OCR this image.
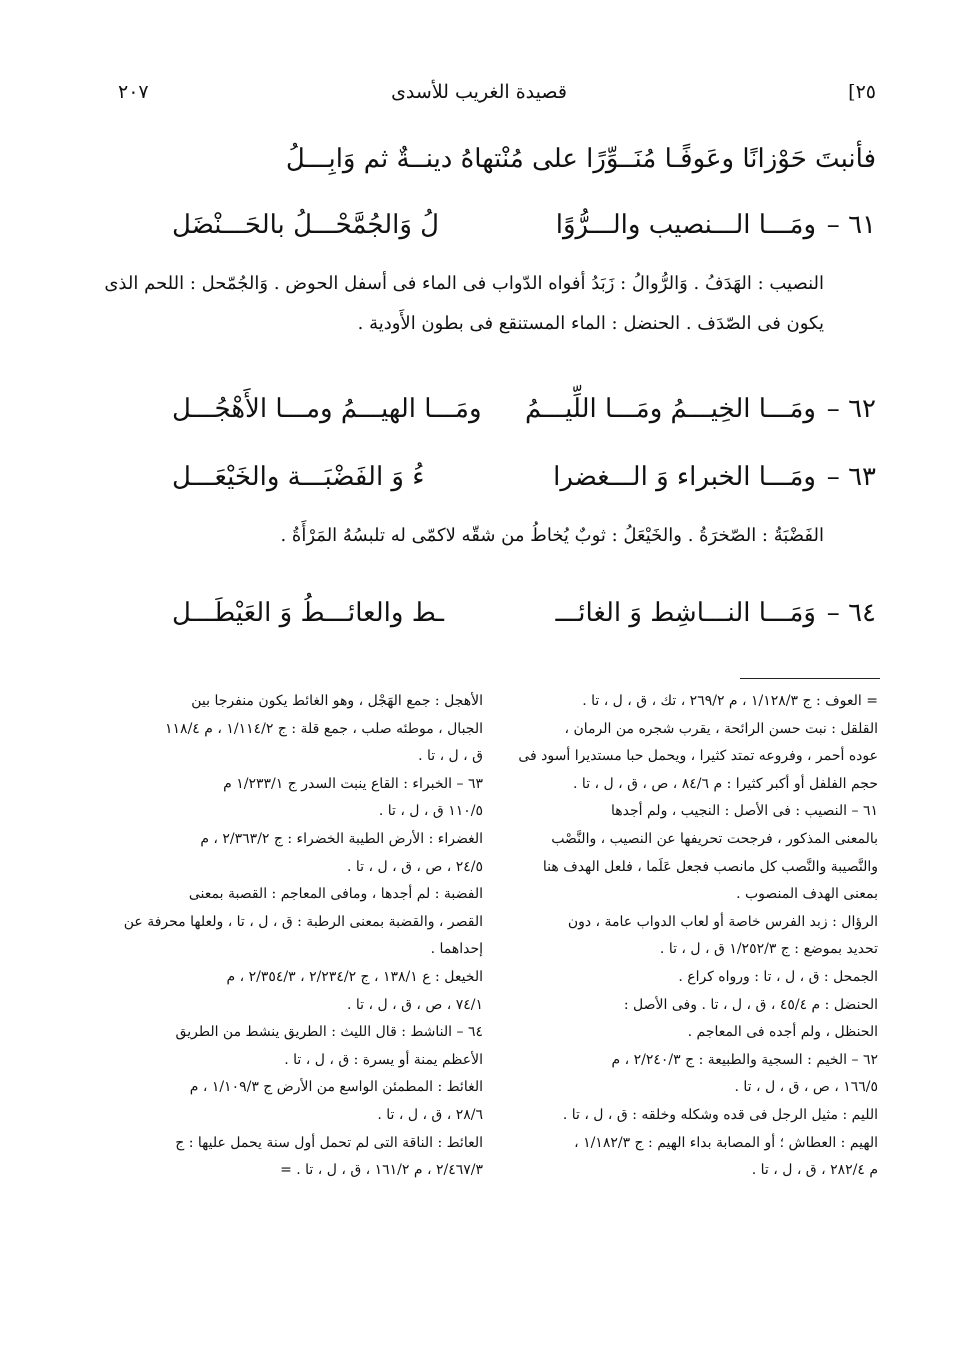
٢٠٧	قصيدة الغريب للأسدى	[٢٥
فأنبتَ حَوْزانًا وعَوفًـا مُنَــوِّرًا على مُنْتهاهُ دينــةٌ ثم وَابِـــلُ
٦١ –
ومَـــا الـــنصيب والـــرُّوًا
لُ وَالجُمَّحْـــلُ بالحَـــنْضَل
النصيب : الهَدَفُ . وَالرُّوالُ : زَبَدُ أفواه الدّواب فى الماء فى أسفل الحوض . وَالجُمّحل : اللحم الذى
يكون فى الصّدَف . الحنضل : الماء المستنقع فى بطون الأَودية .
٦٢ –
ومَـــا الخِيـــمُ ومَـــا اللِّيـــمُ
ومَـــا الهيـــمُ ومـــا الأَهْجُـــل
٦٣ –
ومَـــا الخبراء وَ الـــغضرا
ءُ وَ الفَضْبَـــة والخَيْعَـــل
الفَضْبَةُ : الصّخرَةُ . والخَيْعَلُ : ثوبٌ يُخاطُ من شقّه لاكمّى له تلبسُهُ المَرْأَةُ .
٦٤ –
وَمَـــا النـــاشِط وَ الغائـــ
ـط والعائـــطُ وَ العَيْطَـــل
= العوف : ج ١/١٢٨/٣ ، م ٢٦٩/٢ ، تك ، ق ، ل ، تا .
القلقل : نبت حسن الرائحة ، يقرب شجره من الرمان ،
عوده أحمر ، وفروعه تمتد كثيرا ، ويحمل حبا مستديرا أسود فى
حجم الفلفل أو أكبر كثيرا : م ٨٤/٦ ، ص ، ق ، ل ، تا .
٦١ – النصيب : فى الأصل : النجيب ، ولم أجدها
بالمعنى المذكور ، فرجحت تحريفها عن النصيب ، والنَّصْب
والنَّصيبة والنَّصب كل مانصب فجعل عَلَما ، فلعل الهدف هنا
بمعنى الهدف المنصوب .
الرؤال : زبد الفرس خاصة أو لعاب الدواب عامة ، دون
تحديد بموضع : ج ١/٢٥٢/٣ ق ، ل ، تا .
الجمحل : ق ، ل ، تا : ورواه كراع .
الحنضل : م ٤٥/٤ ، ق ، ل ، تا . وفى الأصل :
الحنظل ، ولم أجده فى المعاجم .
٦٢ – الخيم : السجية والطبيعة : ج ٢/٢٤٠/٣ ، م
١٦٦/٥ ، ص ، ق ، ل ، تا .
الليم : مثيل الرجل فى قده وشكله وخلقه : ق ، ل ، تا .
الهيم : العطاش ؛ أو المصابة بداء الهيم : ج ١/١٨٢/٣ ،
م ٢٨٢/٤ ، ق ، ل ، تا .
الأهجل : جمع الهَجْل ، وهو الغائط يكون منفرجا بين
الجبال ، موطئه صلب ، جمع قلة : ج ١/١١٤/٢ ، م ١١٨/٤
ق ، ل ، تا .
٦٣ – الخبراء : القاع ينبت السدر ج ١/٢٣٣/١ م
١١٠/٥ ق ، ل ، تا .
الغضراء : الأرض الطيبة الخضراء : ج ٢/٣٦٣/٢ ، م
٢٤/٥ ، ص ، ق ، ل ، تا .
الفضبة : لم أجدها ، ومافى المعاجم : القصبة بمعنى
القصر ، والقضبة بمعنى الرطبة : ق ، ل ، تا ، ولعلها محرفة عن
إحداهما .
الخيعل : ع ١٣٨/١ ، ج ٢/٢٣٤/٢ ، ٢/٣٥٤/٣ ، م
٧٤/١ ، ص ، ق ، ل ، تا .
٦٤ – الناشط : قال الليث : الطريق ينشط من الطريق
الأعظم يمنة أو يسرة : ق ، ل ، تا .
الغائط : المطمئن الواسع من الأرض ج ١/١٠٩/٣ ، م
٢٨/٦ ، ق ، ل ، تا .
العائط : الناقة التى لم تحمل أول سنة يحمل عليها : ج
٢/٤٦٧/٣ ، م ١٦١/٢ ، ق ، ل ، تا . =
